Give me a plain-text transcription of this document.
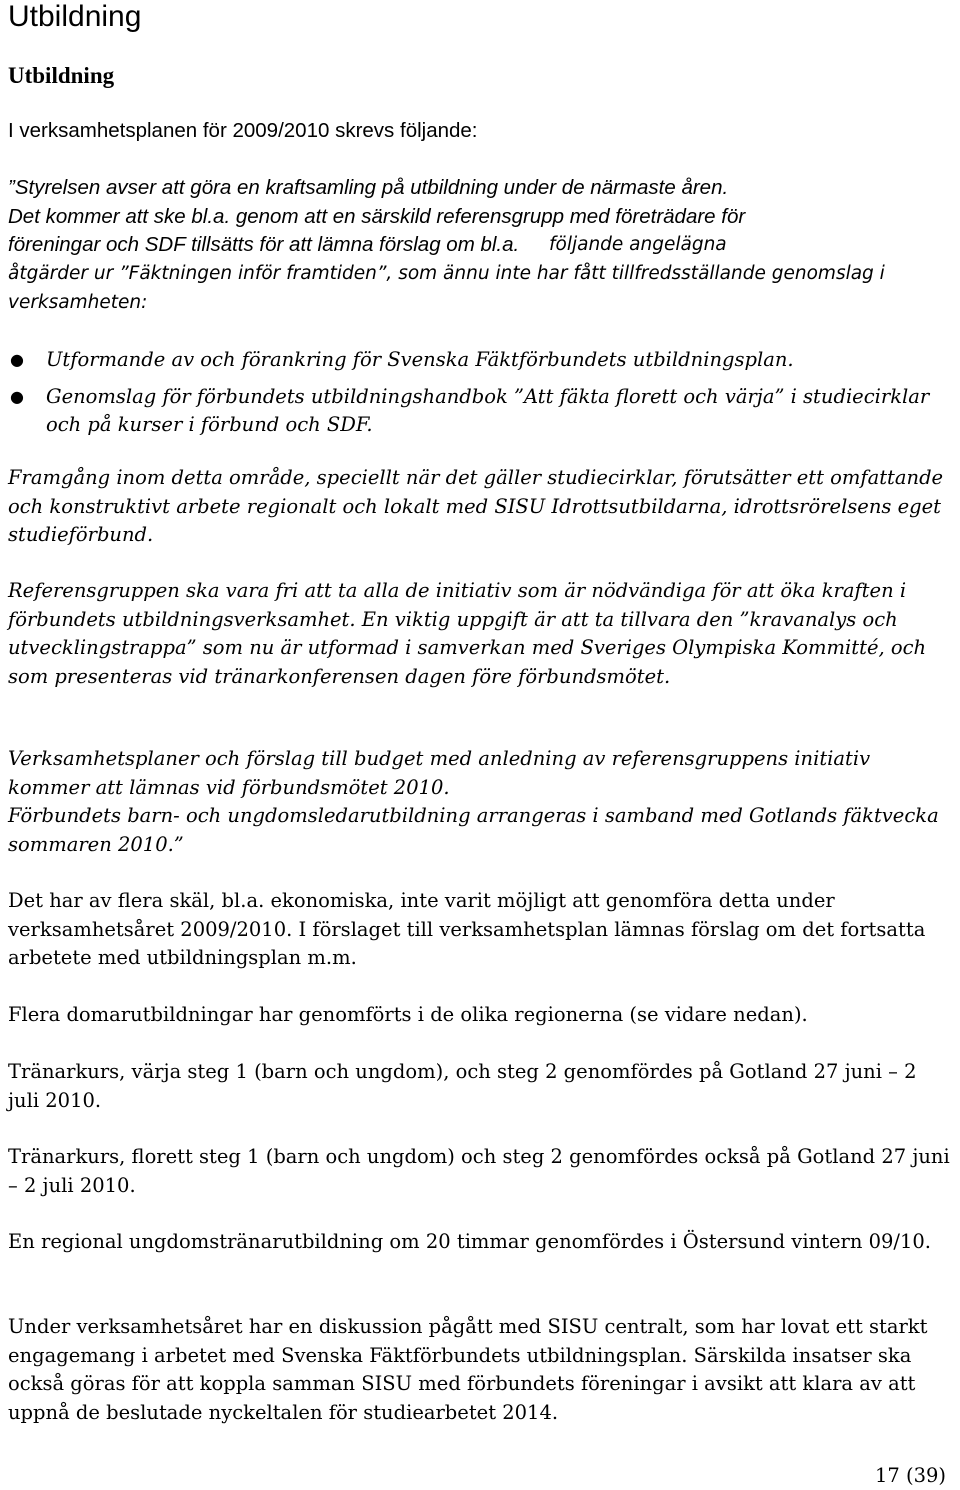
Utbildning
Utbildning

I verksamhetsplanen för 2009/2010 skrevs följande:

”Styrelsen avser att göra en kraftsamling på utbildning under de närmaste åren.

Det kommer att ske bl.a. genom att en särskild referensgrupp med företrädare för

föreningar och SDF tillsätts för att lämna förslag om bl.a. följande angelägna

åtgärder ur ”Fäktningen inför framtiden”, som ännu inte har fått tillfredsställande genomslag i verksamheten:

● Utformande av och förankring för Svenska Fäktförbundets utbildningsplan.
● Genomslag för förbundets utbildningshandbok ”Att fäkta florett och värja” i studiecirklar och på kurser i förbund och SDF.

Framgång inom detta område, speciellt när det gäller studiecirklar, förutsätter ett omfattande och konstruktivt arbete regionalt och lokalt med SISU Idrottsutbildarna, idrottsrörelsens eget studieförbund.

Referensgruppen ska vara fri att ta alla de initiativ som är nödvändiga för att öka kraften i förbundets utbildningsverksamhet. En viktig uppgift är att ta tillvara den ”kravanalys och utvecklingstrappa” som nu är utformad i samverkan med Sveriges Olympiska Kommitté, och som presenteras vid tränarkonferensen dagen före förbundsmötet.

Verksamhetsplaner och förslag till budget med anledning av referensgruppens initiativ kommer att lämnas vid förbundsmötet 2010.

Förbundets barn- och ungdomsledarutbildning arrangeras i samband med Gotlands fäktvecka sommaren 2010.”

Det har av flera skäl, bl.a. ekonomiska, inte varit möjligt att genomföra detta under verksamhetsåret 2009/2010. I förslaget till verksamhetsplan lämnas förslag om det fortsatta arbetete med utbildningsplan m.m.

Flera domarutbildningar har genomförts i de olika regionerna (se vidare nedan).

Tränarkurs, värja steg 1 (barn och ungdom), och steg 2 genomfördes på Gotland 27 juni – 2 juli 2010.

Tränarkurs, florett steg 1 (barn och ungdom) och steg 2 genomfördes också på Gotland 27 juni – 2 juli 2010.

En regional ungdomstränarutbildning om 20 timmar genomfördes i Östersund vintern 09/10.

Under verksamhetsåret har en diskussion pågått med SISU centralt, som har lovat ett starkt engagemang i arbetet med Svenska Fäktförbundets utbildningsplan. Särskilda insatser ska också göras för att koppla samman SISU med förbundets föreningar i avsikt att klara av att uppnå de beslutade nyckeltalen för studiearbetet 2014.

17 (39)
